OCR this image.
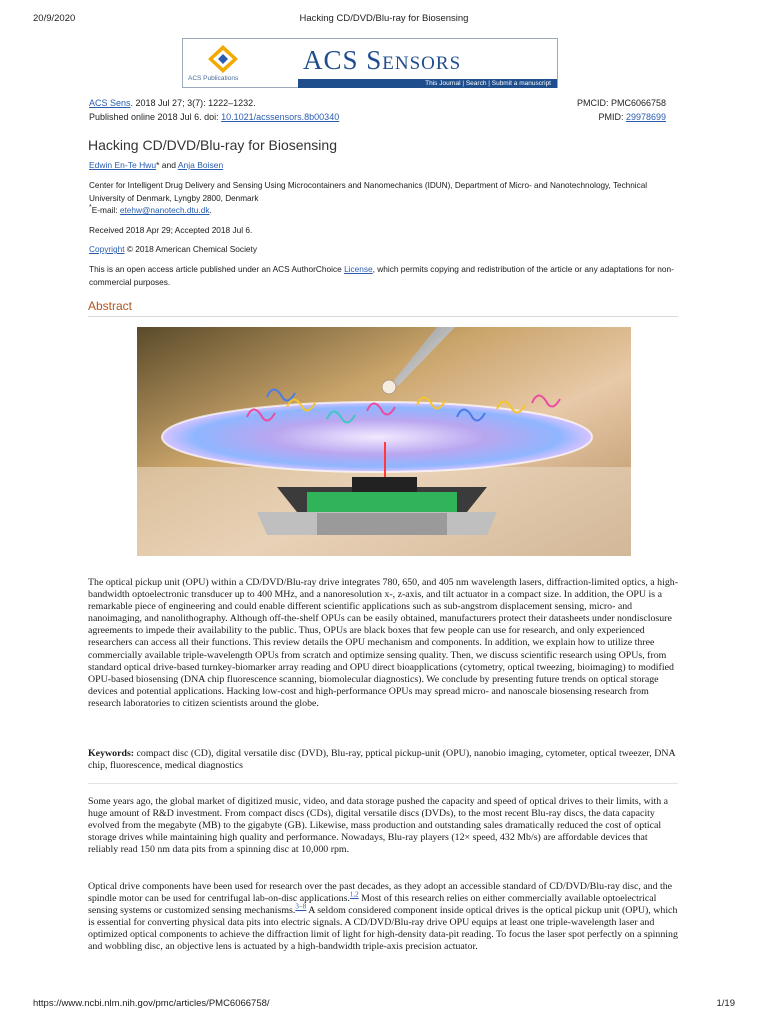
20/9/2020	Hacking CD/DVD/Blu-ray for Biosensing
ACS Publications
ACS Sensors
This Journal | Search | Submit a manuscript
ACS Sens. 2018 Jul 27; 3(7): 1222–1232.	PMCID: PMC6066758
Published online 2018 Jul 6. doi: 10.1021/acssensors.8b00340	PMID: 29978699
Hacking CD/DVD/Blu-ray for Biosensing
Edwin En-Te Hwu* and Anja Boisen
Center for Intelligent Drug Delivery and Sensing Using Microcontainers and Nanomechanics (IDUN), Department of Micro- and Nanotechnology, Technical University of Denmark, Lyngby 2800, Denmark
*E-mail: etehw@nanotech.dtu.dk.
Received 2018 Apr 29; Accepted 2018 Jul 6.
Copyright © 2018 American Chemical Society
This is an open access article published under an ACS AuthorChoice License, which permits copying and redistribution of the article or any adaptations for non-commercial purposes.
Abstract

The optical pickup unit (OPU) within a CD/DVD/Blu-ray drive integrates 780, 650, and 405 nm wavelength lasers, diffraction-limited optics, a high-bandwidth optoelectronic transducer up to 400 MHz, and a nanoresolution x-, z-axis, and tilt actuator in a compact size. In addition, the OPU is a remarkable piece of engineering and could enable different scientific applications such as sub-angstrom displacement sensing, micro- and nanoimaging, and nanolithography. Although off-the-shelf OPUs can be easily obtained, manufacturers protect their datasheets under nondisclosure agreements to impede their availability to the public. Thus, OPUs are black boxes that few people can use for research, and only experienced researchers can access all their functions. This review details the OPU mechanism and components. In addition, we explain how to utilize three commercially available triple-wavelength OPUs from scratch and optimize sensing quality. Then, we discuss scientific research using OPUs, from standard optical drive-based turnkey-biomarker array reading and OPU direct bioapplications (cytometry, optical tweezing, bioimaging) to modified OPU-based biosensing (DNA chip fluorescence scanning, biomolecular diagnostics). We conclude by presenting future trends on optical storage devices and potential applications. Hacking low-cost and high-performance OPUs may spread micro- and nanoscale biosensing research from research laboratories to citizen scientists around the globe.

Keywords: compact disc (CD), digital versatile disc (DVD), Blu-ray, pptical pickup-unit (OPU), nanobio imaging, cytometer, optical tweezer, DNA chip, fluorescence, medical diagnostics

Some years ago, the global market of digitized music, video, and data storage pushed the capacity and speed of optical drives to their limits, with a huge amount of R&D investment. From compact discs (CDs), digital versatile discs (DVDs), to the most recent Blu-ray discs, the data capacity evolved from the megabyte (MB) to the gigabyte (GB). Likewise, mass production and outstanding sales dramatically reduced the cost of optical storage drives while maintaining high quality and performance. Nowadays, Blu-ray players (12× speed, 432 Mb/s) are affordable devices that reliably read 150 nm data pits from a spinning disc at 10,000 rpm.

Optical drive components have been used for research over the past decades, as they adopt an accessible standard of CD/DVD/Blu-ray disc, and the spindle motor can be used for centrifugal lab-on-disc applications.$^{1,2}$ Most of this research relies on either commercially available optoelectrical sensing systems or customized sensing mechanisms.$^{3-8}$ A seldom considered component inside optical drives is the optical pickup unit (OPU), which is essential for converting physical data pits into electric signals. A CD/DVD/Blu-ray drive OPU equips at least one triple-wavelength laser and optimized optical components to achieve the diffraction limit of light for high-density data-pit reading. To focus the laser spot perfectly on a spinning and wobbling disc, an objective lens is actuated by a high-bandwidth triple-axis precision actuator.

https://www.ncbi.nlm.nih.gov/pmc/articles/PMC6066758/	1/19
